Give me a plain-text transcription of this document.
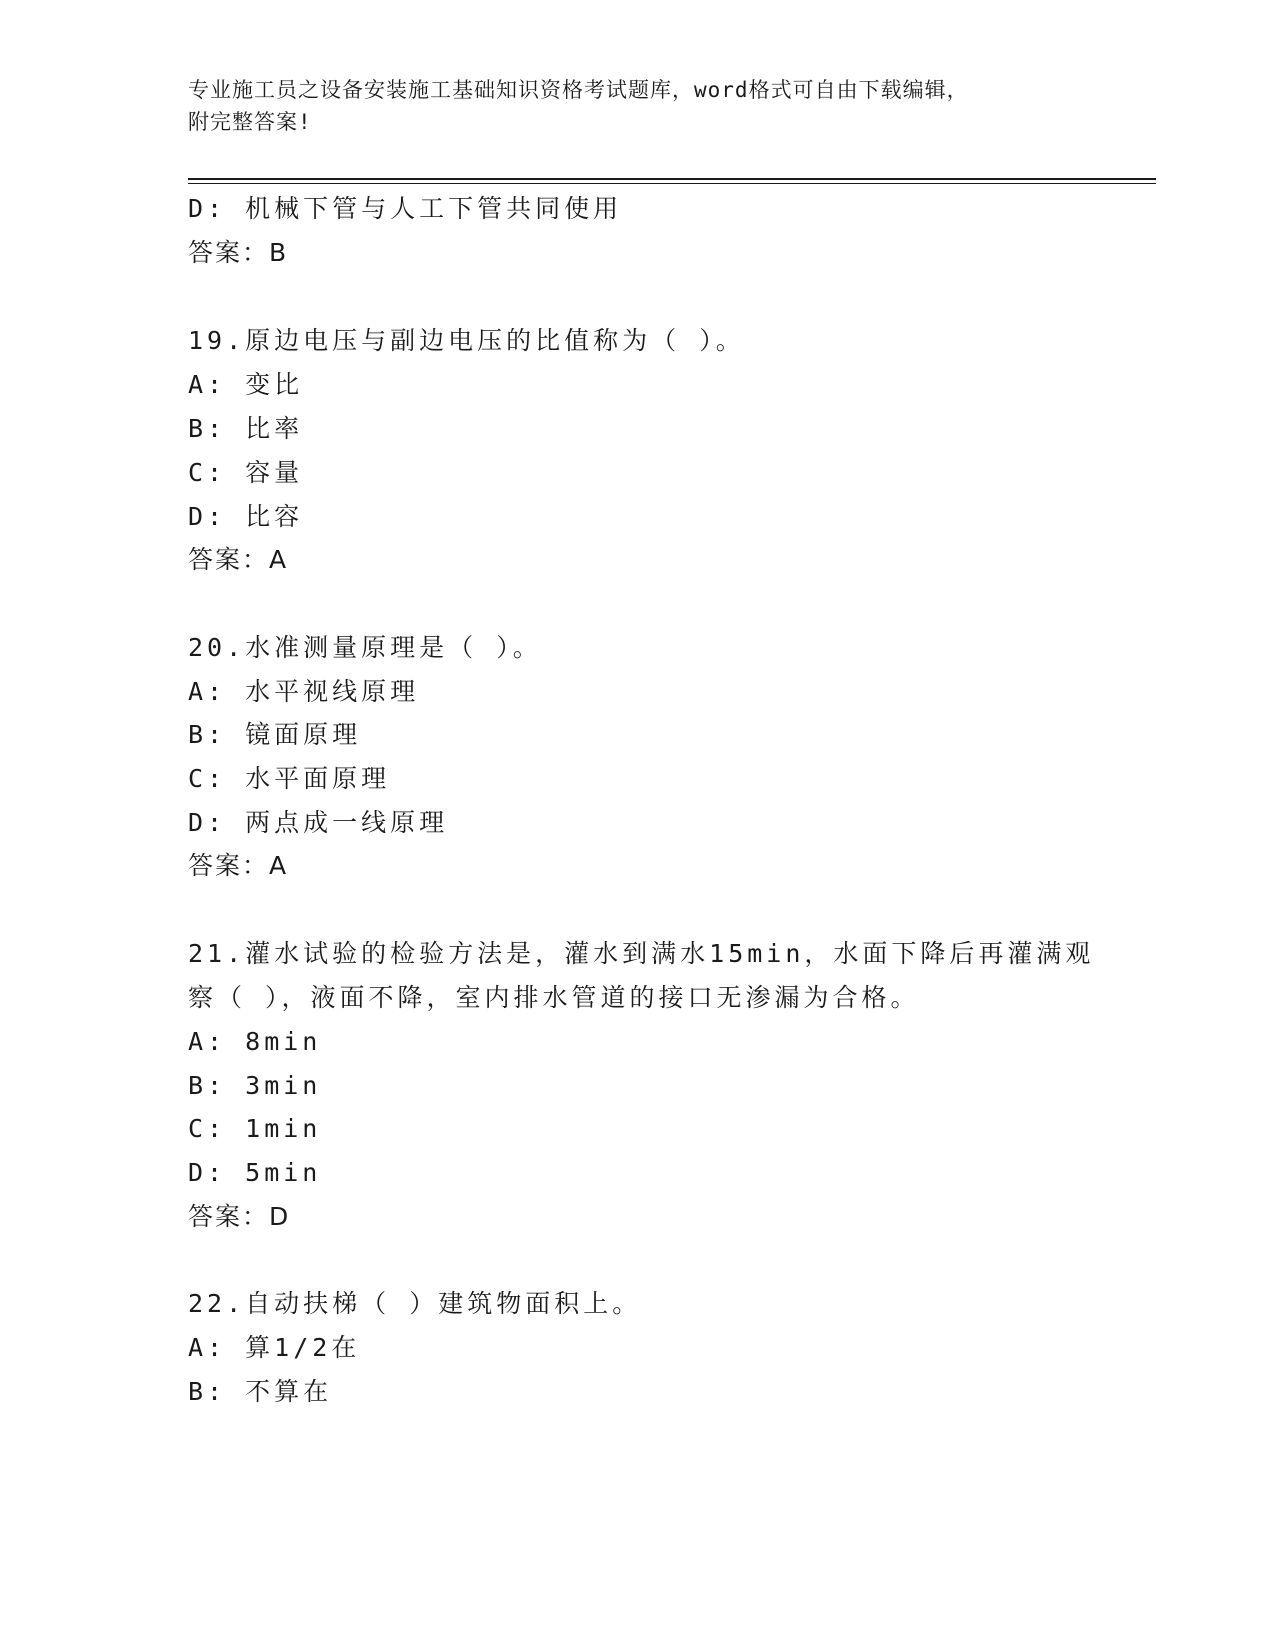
专业施工员之设备安装施工基础知识资格考试题库，word格式可自由下载编辑，
附完整答案!
D: 机械下管与人工下管共同使用
答案：B
19.原边电压与副边电压的比值称为（ ）。
A: 变比
B: 比率
C: 容量
D: 比容
答案：A
20.水准测量原理是（ ）。
A: 水平视线原理
B: 镜面原理
C: 水平面原理
D: 两点成一线原理
答案：A
21.灌水试验的检验方法是，灌水到满水15min，水面下降后再灌满观
察（ ），液面不降，室内排水管道的接口无渗漏为合格。
A: 8min
B: 3min
C: 1min
D: 5min
答案：D
22.自动扶梯（ ）建筑物面积上。
A: 算1/2在
B: 不算在
